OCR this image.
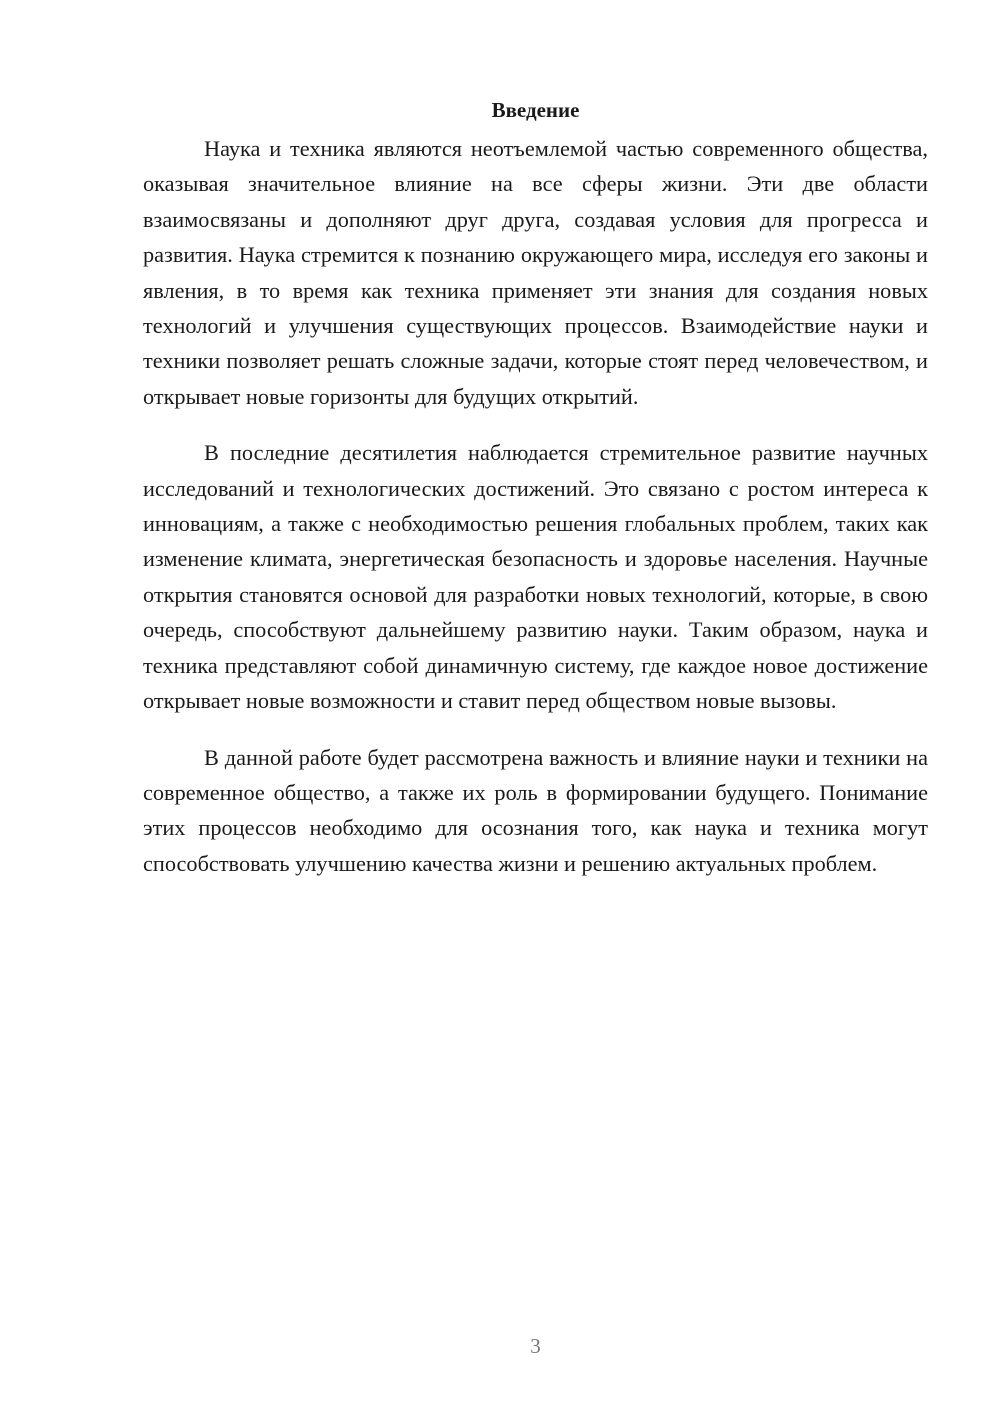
Введение

Наука и техника являются неотъемлемой частью современного общества, оказывая значительное влияние на все сферы жизни. Эти две области взаимосвязаны и дополняют друг друга, создавая условия для прогресса и развития. Наука стремится к познанию окружающего мира, исследуя его законы и явления, в то время как техника применяет эти знания для создания новых технологий и улучшения существующих процессов. Взаимодействие науки и техники позволяет решать сложные задачи, которые стоят перед человечеством, и открывает новые горизонты для будущих открытий.

В последние десятилетия наблюдается стремительное развитие научных исследований и технологических достижений. Это связано с ростом интереса к инновациям, а также с необходимостью решения глобальных проблем, таких как изменение климата, энергетическая безопасность и здоровье населения. Научные открытия становятся основой для разработки новых технологий, которые, в свою очередь, способствуют дальнейшему развитию науки. Таким образом, наука и техника представляют собой динамичную систему, где каждое новое достижение открывает новые возможности и ставит перед обществом новые вызовы.

В данной работе будет рассмотрена важность и влияние науки и техники на современное общество, а также их роль в формировании будущего. Понимание этих процессов необходимо для осознания того, как наука и техника могут способствовать улучшению качества жизни и решению актуальных проблем.

3
